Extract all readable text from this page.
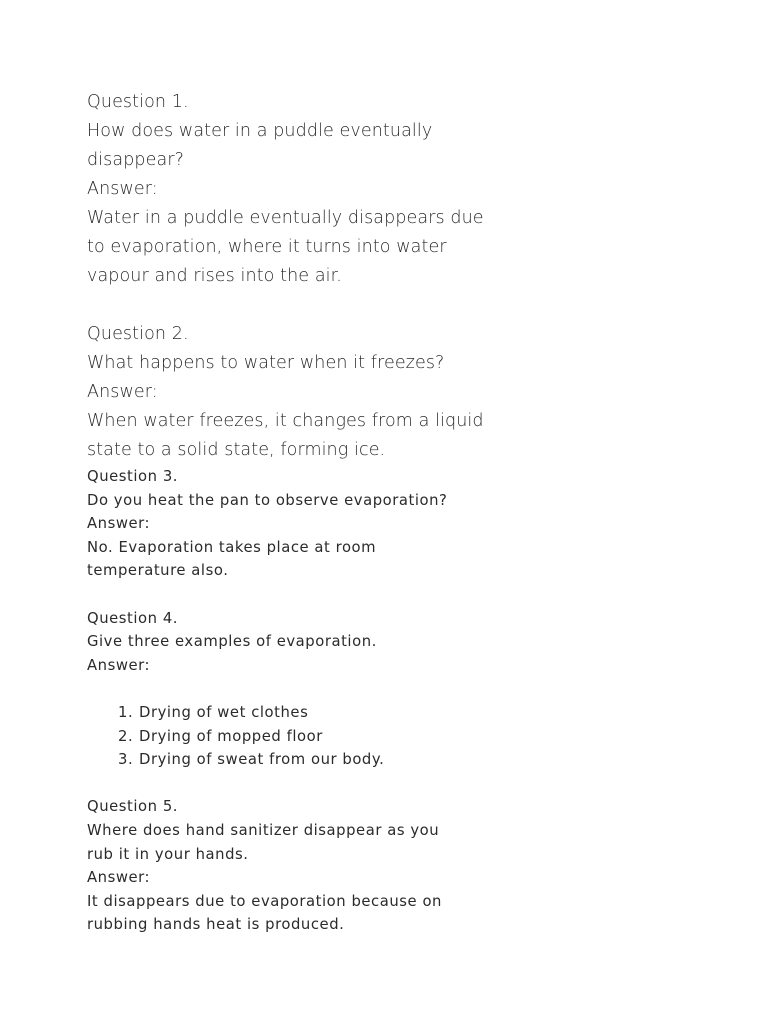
Question 1.
How does water in a puddle eventually
disappear?
Answer:
Water in a puddle eventually disappears due
to evaporation, where it turns into water
vapour and rises into the air.
Question 2.
What happens to water when it freezes?
Answer:
When water freezes, it changes from a liquid
state to a solid state, forming ice.
Question 3.
Do you heat the pan to observe evaporation?
Answer:
No. Evaporation takes place at room
temperature also.
Question 4.
Give three examples of evaporation.
Answer:
1. Drying of wet clothes
2. Drying of mopped floor
3. Drying of sweat from our body.
Question 5.
Where does hand sanitizer disappear as you
rub it in your hands.
Answer:
It disappears due to evaporation because on
rubbing hands heat is produced.
